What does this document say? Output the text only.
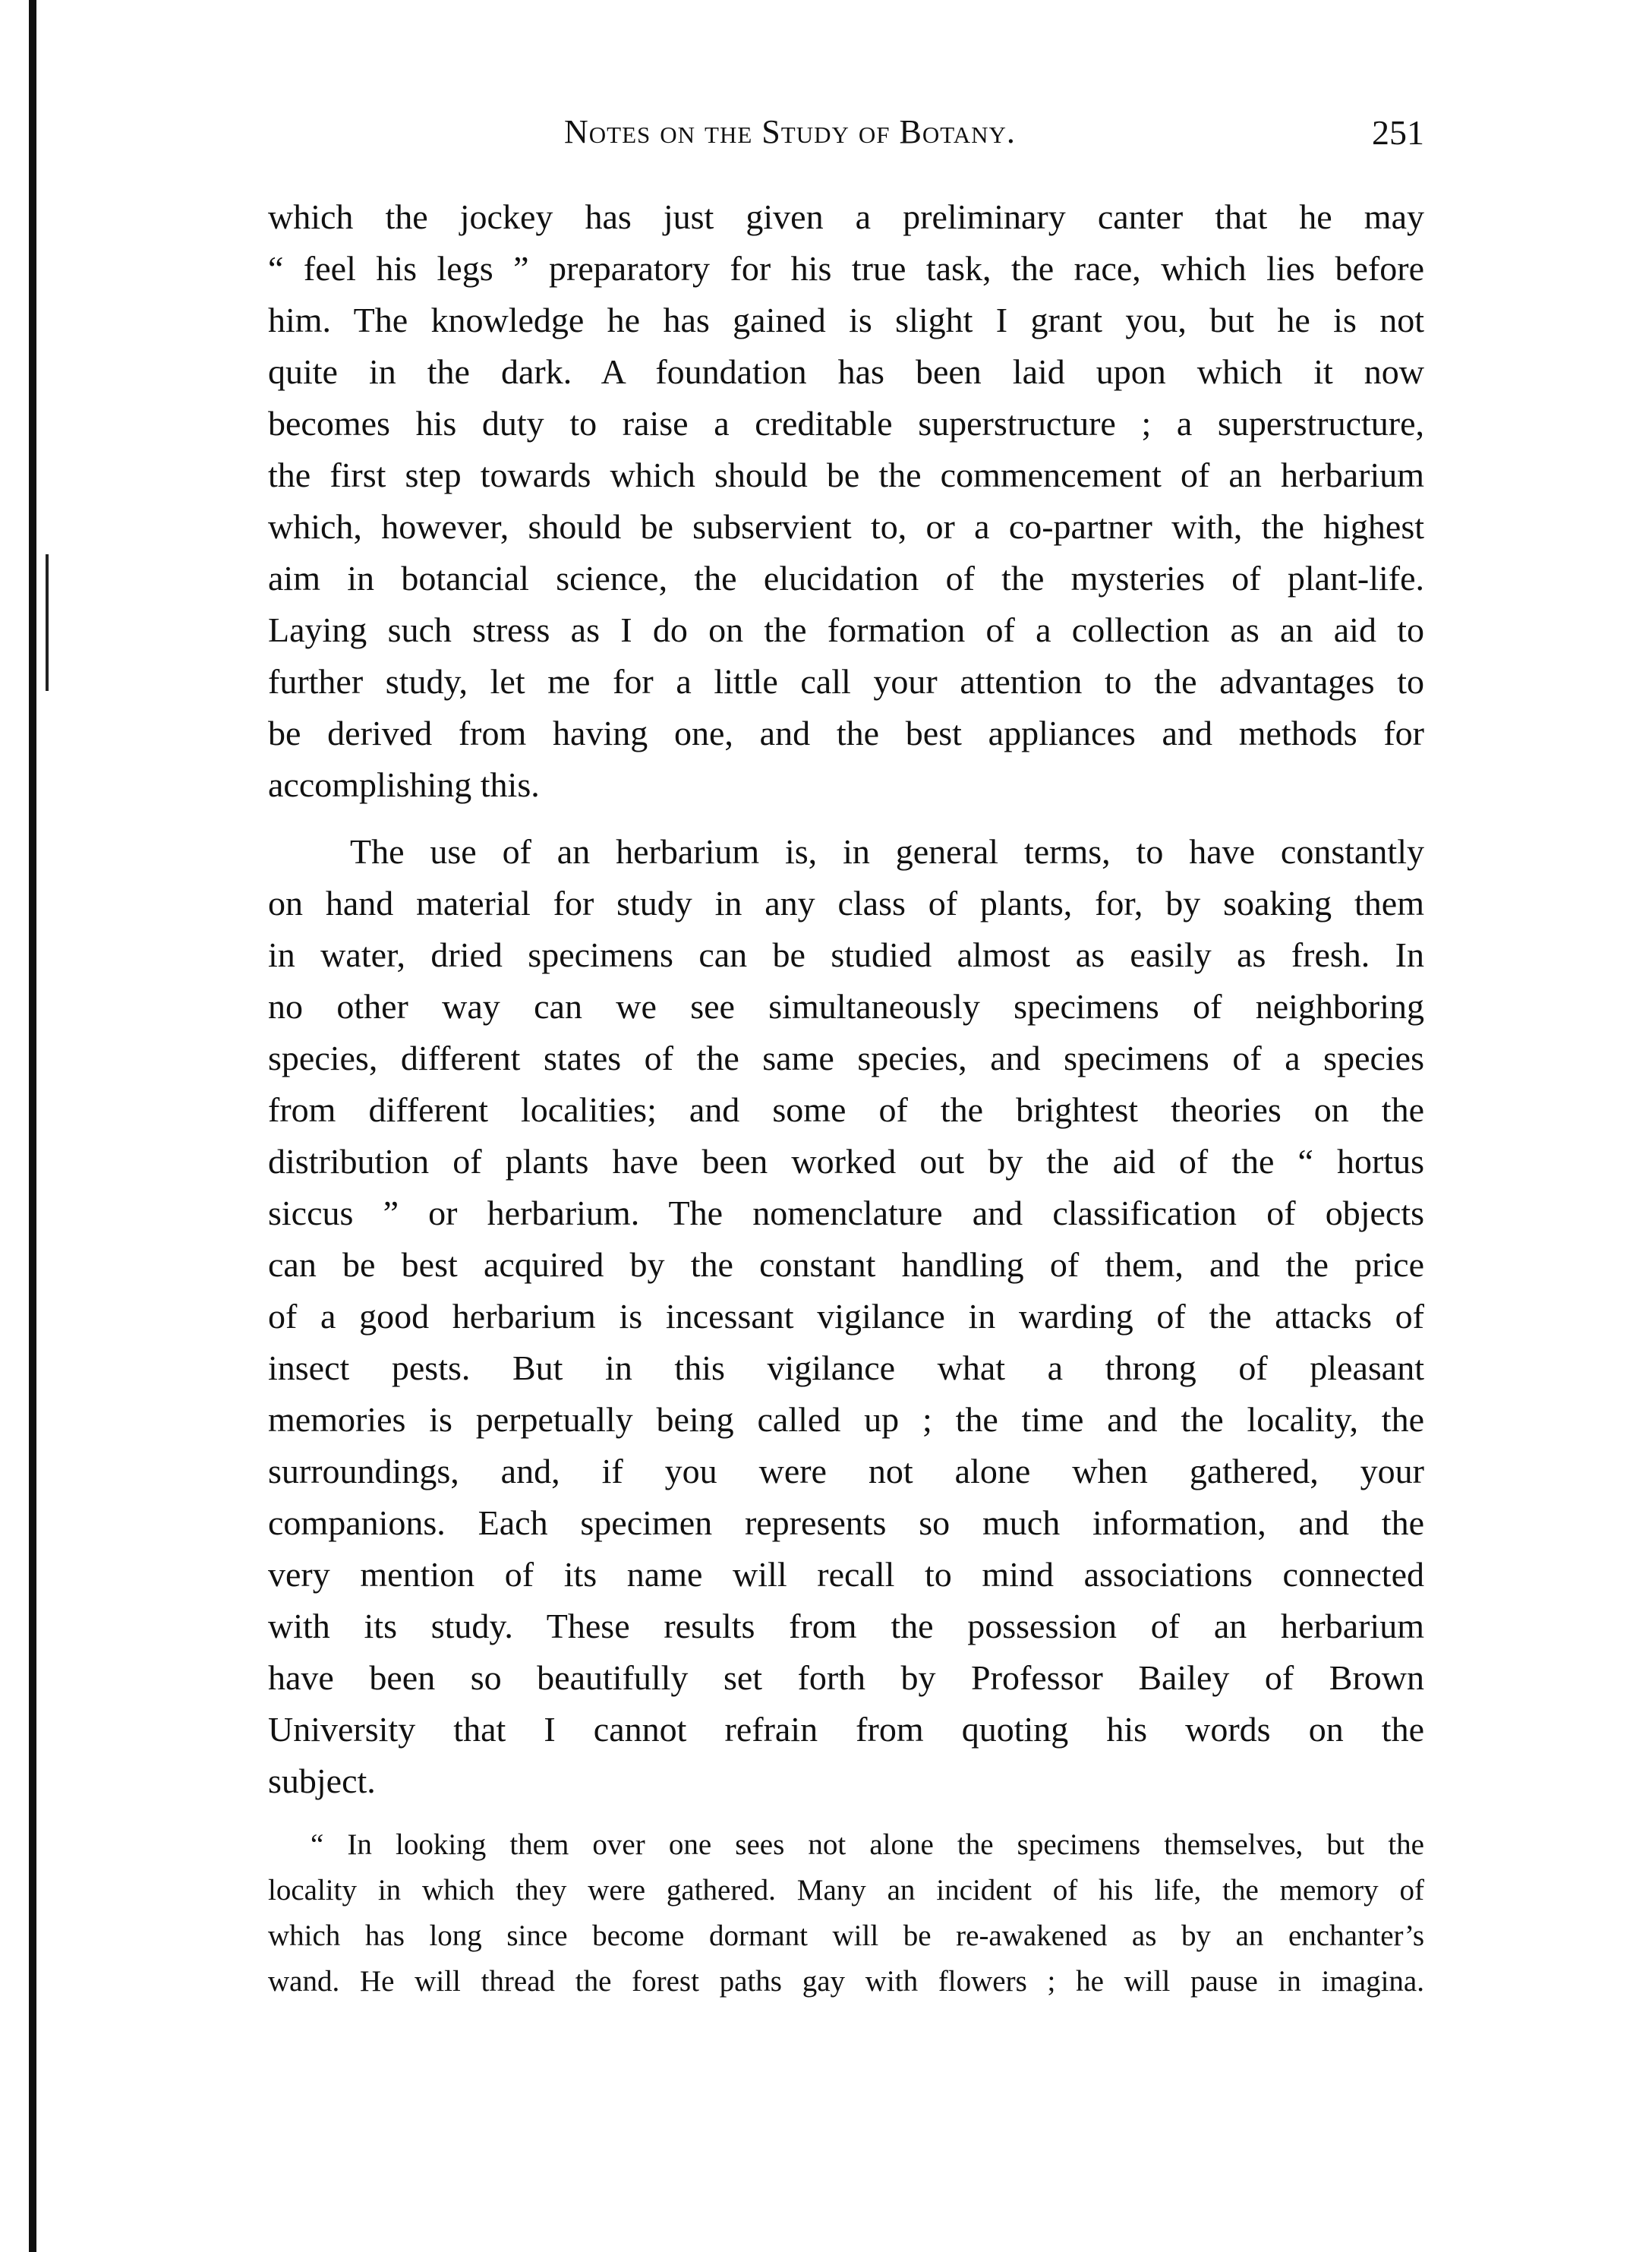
Notes on the Study of Botany.	251
which the jockey has just given a preliminary canter that he may
“ feel his legs ” preparatory for his true task, the race, which lies before
him. The knowledge he has gained is slight I grant you, but he is not
quite in the dark. A foundation has been laid upon which it now
becomes his duty to raise a creditable superstructure ; a superstructure,
the first step towards which should be the commencement of an herbarium
which, however, should be subservient to, or a co-partner with, the highest
aim in botancial science, the elucidation of the mysteries of plant-life.
Laying such stress as I do on the formation of a collection as an aid to
further study, let me for a little call your attention to the advantages to
be derived from having one, and the best appliances and methods for
accomplishing this.
The use of an herbarium is, in general terms, to have constantly
on hand material for study in any class of plants, for, by soaking them
in water, dried specimens can be studied almost as easily as fresh. In
no other way can we see simultaneously specimens of neighboring
species, different states of the same species, and specimens of a species
from different localities; and some of the brightest theories on the
distribution of plants have been worked out by the aid of the “ hortus
siccus ” or herbarium. The nomenclature and classification of objects
can be best acquired by the constant handling of them, and the price
of a good herbarium is incessant vigilance in warding of the attacks of
insect pests. But in this vigilance what a throng of pleasant
memories is perpetually being called up ; the time and the locality, the
surroundings, and, if you were not alone when gathered, your
companions. Each specimen represents so much information, and the
very mention of its name will recall to mind associations connected
with its study. These results from the possession of an herbarium
have been so beautifully set forth by Professor Bailey of Brown
University that I cannot refrain from quoting his words on the
subject.
“ In looking them over one sees not alone the specimens themselves, but the
locality in which they were gathered. Many an incident of his life, the memory of
which has long since become dormant will be re-awakened as by an enchanter’s
wand. He will thread the forest paths gay with flowers ; he will pause in imagina.
